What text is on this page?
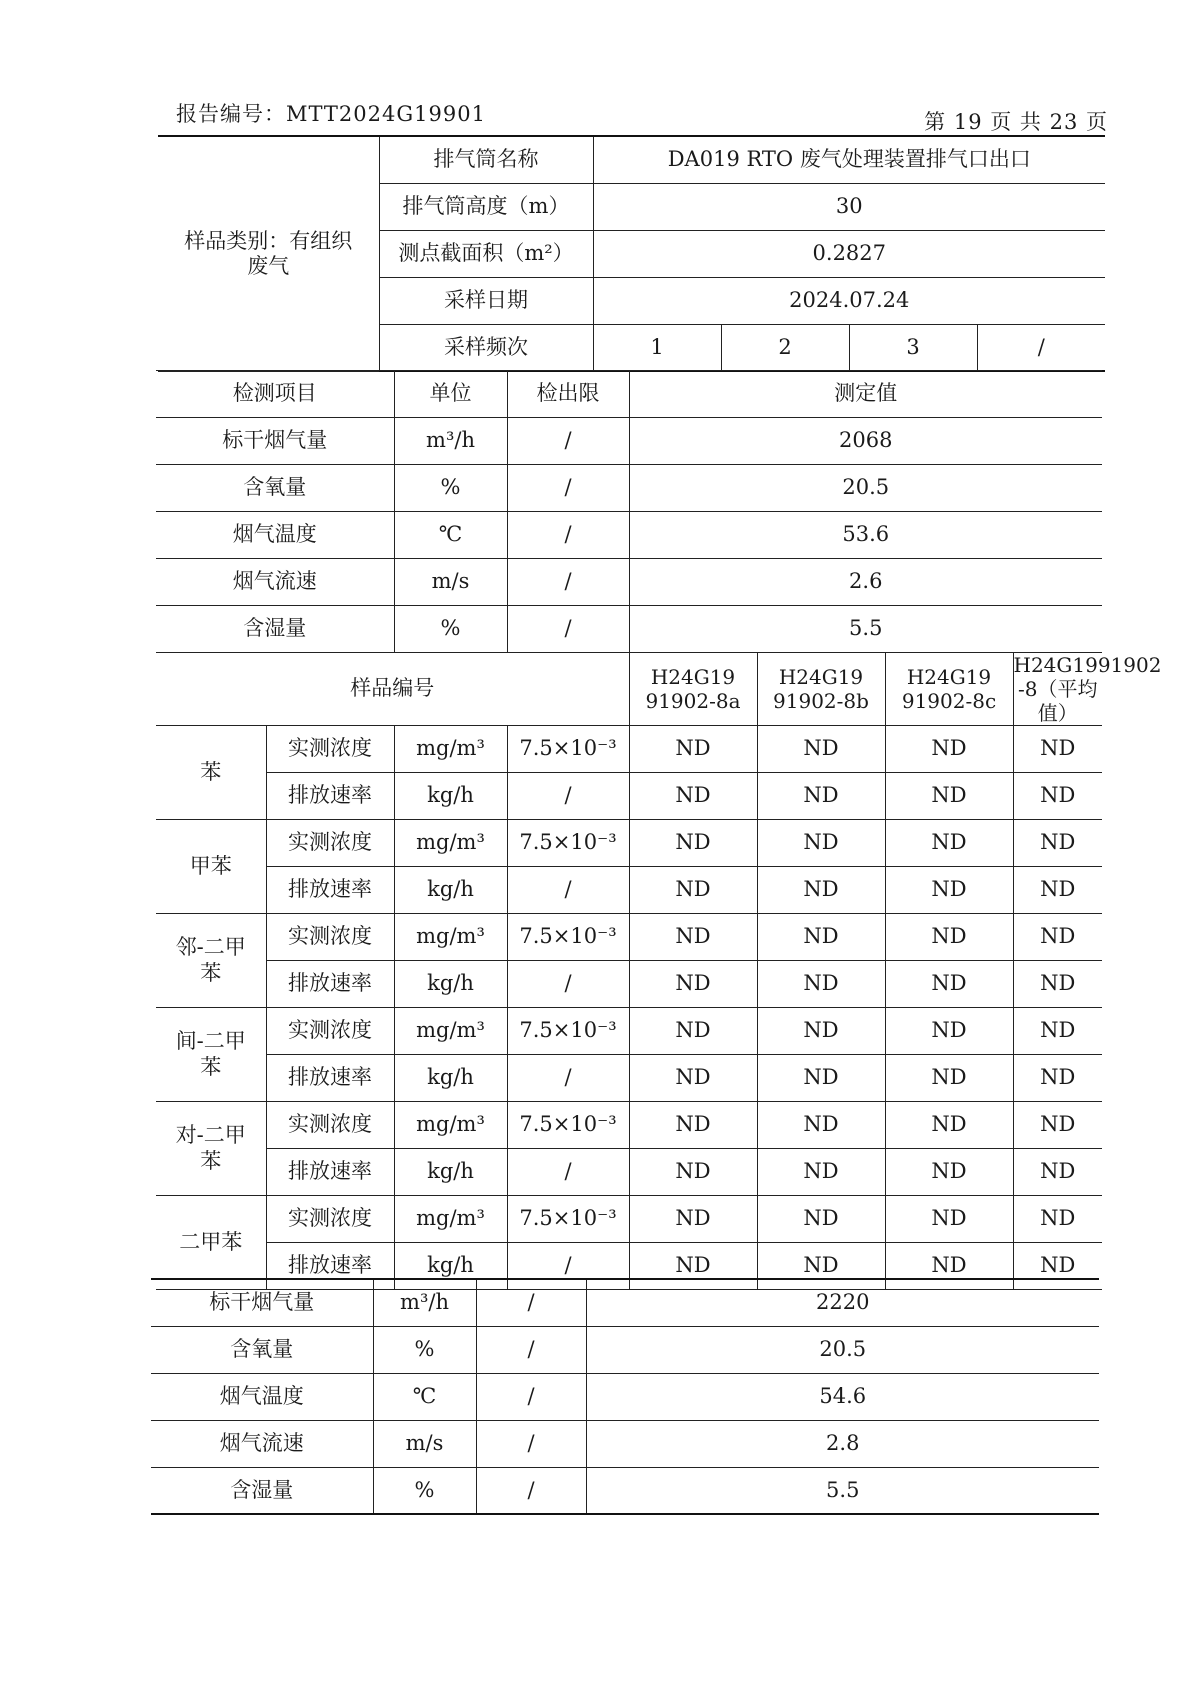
报告编号：MTT2024G19901	第 19 页 共 23 页
样品类别：有组织废气	排气筒名称	DA019 RTO 废气处理装置排气口出口			
	排气筒高度（m）	30			
	测点截面积（m²）	0.2827			
	采样日期	2024.07.24			
	采样频次	1	2	3	/
检测项目		单位	检出限	测定值			
标干烟气量		m³/h	/	2068			
含氧量		%	/	20.5			
烟气温度		℃	/	53.6			
烟气流速		m/s	/	2.6			
含湿量		%	/	5.5			
样品编号				H24G19 91902-8a	H24G19 91902-8b	H24G19 91902-8c	H24G1991902 -8（平均值）

苯	实测浓度	mg/m³	7.5×10⁻³	ND	ND	ND	ND
	排放速率	kg/h	/	ND	ND	ND	ND

甲苯	实测浓度	mg/m³	7.5×10⁻³	ND	ND	ND	ND
	排放速率	kg/h	/	ND	ND	ND	ND

邻-二甲苯	实测浓度	mg/m³	7.5×10⁻³	ND	ND	ND	ND
	排放速率	kg/h	/	ND	ND	ND	ND

间-二甲苯	实测浓度	mg/m³	7.5×10⁻³	ND	ND	ND	ND
	排放速率	kg/h	/	ND	ND	ND	ND

对-二甲苯	实测浓度	mg/m³	7.5×10⁻³	ND	ND	ND	ND
	排放速率	kg/h	/	ND	ND	ND	ND

二甲苯	实测浓度	mg/m³	7.5×10⁻³	ND	ND	ND	ND
	排放速率	kg/h	/	ND	ND	ND	ND
标干烟气量	m³/h	/	2220
含氧量	%	/	20.5
烟气温度	℃	/	54.6
烟气流速	m/s	/	2.8
含湿量	%	/	5.5
